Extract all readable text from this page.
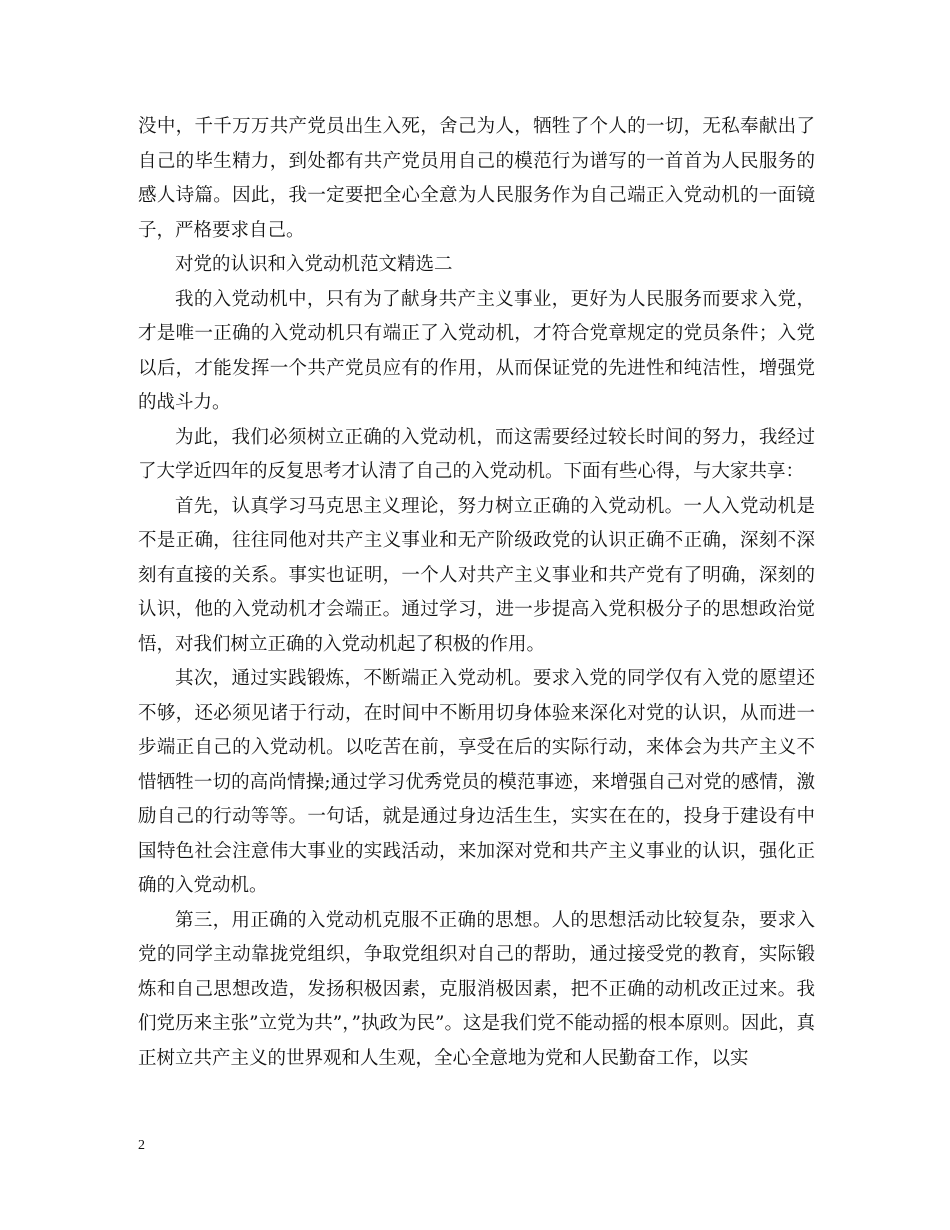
没中，千千万万共产党员出生入死，舍己为人，牺牲了个人的一切，无私奉献出了自己的毕生精力，到处都有共产党员用自己的模范行为谱写的一首首为人民服务的感人诗篇。因此，我一定要把全心全意为人民服务作为自己端正入党动机的一面镜子，严格要求自己。

对党的认识和入党动机范文精选二

我的入党动机中，只有为了献身共产主义事业，更好为人民服务而要求入党，才是唯一正确的入党动机只有端正了入党动机，才符合党章规定的党员条件；入党以后，才能发挥一个共产党员应有的作用，从而保证党的先进性和纯洁性，增强党的战斗力。

为此，我们必须树立正确的入党动机，而这需要经过较长时间的努力，我经过了大学近四年的反复思考才认清了自己的入党动机。下面有些心得，与大家共享：

首先，认真学习马克思主义理论，努力树立正确的入党动机。一人入党动机是不是正确，往往同他对共产主义事业和无产阶级政党的认识正确不正确，深刻不深刻有直接的关系。事实也证明，一个人对共产主义事业和共产党有了明确，深刻的认识，他的入党动机才会端正。通过学习，进一步提高入党积极分子的思想政治觉悟，对我们树立正确的入党动机起了积极的作用。

其次，通过实践锻炼，不断端正入党动机。要求入党的同学仅有入党的愿望还不够，还必须见诸于行动，在时间中不断用切身体验来深化对党的认识，从而进一步端正自己的入党动机。以吃苦在前，享受在后的实际行动，来体会为共产主义不惜牺牲一切的高尚情操;通过学习优秀党员的模范事迹，来增强自己对党的感情，激励自己的行动等等。一句话，就是通过身边活生生，实实在在的，投身于建设有中国特色社会注意伟大事业的实践活动，来加深对党和共产主义事业的认识，强化正确的入党动机。

第三，用正确的入党动机克服不正确的思想。人的思想活动比较复杂，要求入党的同学主动靠拢党组织，争取党组织对自己的帮助，通过接受党的教育，实际锻炼和自己思想改造，发扬积极因素，克服消极因素，把不正确的动机改正过来。我们党历来主张”立党为共”，”执政为民”。这是我们党不能动摇的根本原则。因此，真正树立共产主义的世界观和人生观，全心全意地为党和人民勤奋工作，以实

2
